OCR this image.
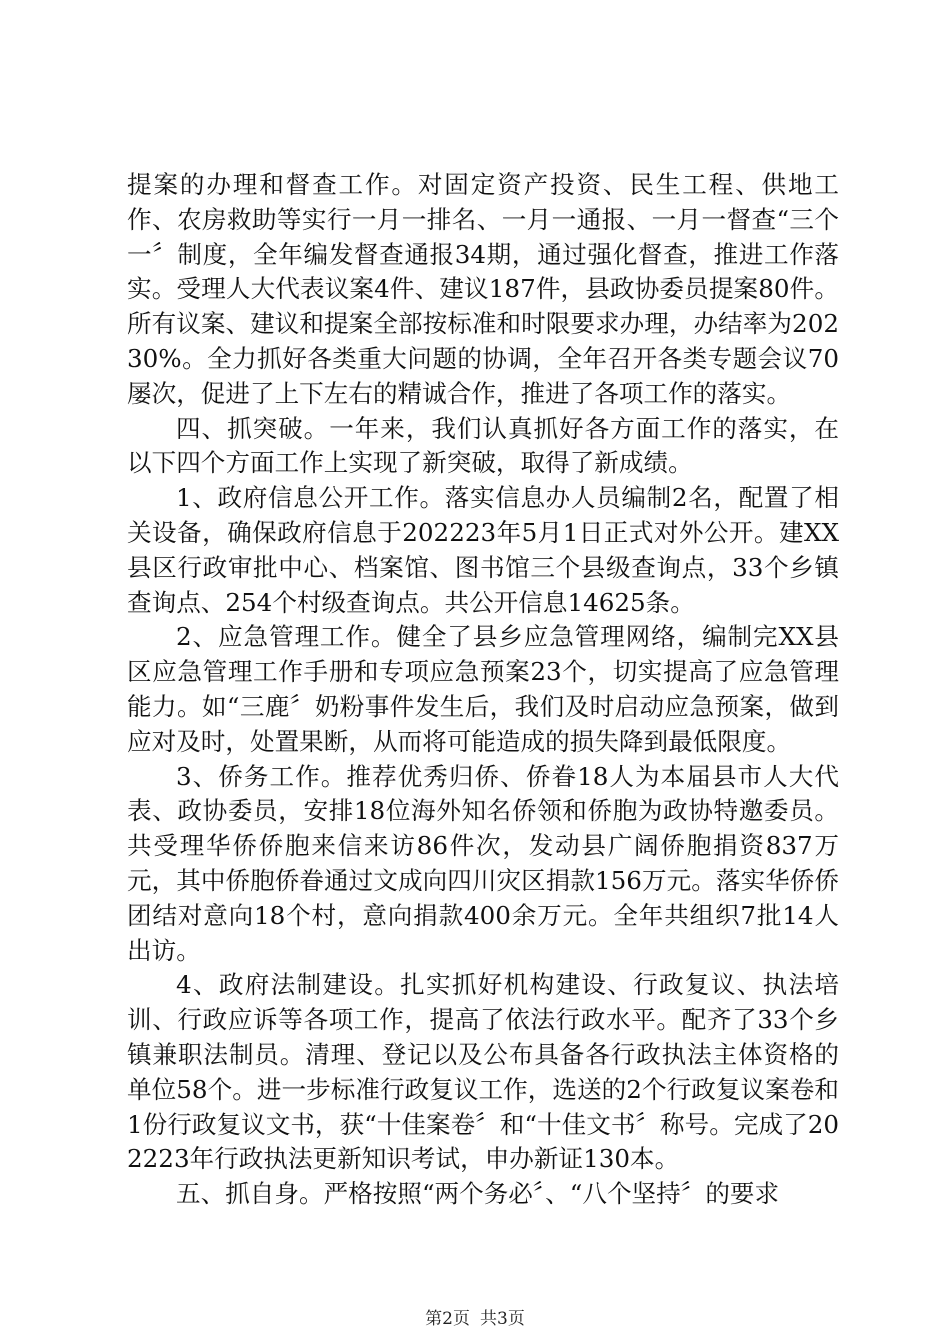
提案的办理和督查工作。对固定资产投资、民生工程、供地工作、农房救助等实行一月一排名、一月一通报、一月一督查“三个一〞制度，全年编发督查通报34期，通过强化督查，推进工作落实。受理人大代表议案4件、建议187件，县政协委员提案80件。所有议案、建议和提案全部按标准和时限要求办理，办结率为20230%。全力抓好各类重大问题的协调，全年召开各类专题会议70屡次，促进了上下左右的精诚合作，推进了各项工作的落实。

四、抓突破。一年来，我们认真抓好各方面工作的落实，在以下四个方面工作上实现了新突破，取得了新成绩。

1、政府信息公开工作。落实信息办人员编制2名，配置了相关设备，确保政府信息于202223年5月1日正式对外公开。建XX县区行政审批中心、档案馆、图书馆三个县级查询点，33个乡镇查询点、254个村级查询点。共公开信息14625条。

2、应急管理工作。健全了县乡应急管理网络，编制完XX县区应急管理工作手册和专项应急预案23个，切实提高了应急管理能力。如“三鹿〞奶粉事件发生后，我们及时启动应急预案，做到应对及时，处置果断，从而将可能造成的损失降到最低限度。

3、侨务工作。推荐优秀归侨、侨眷18人为本届县市人大代表、政协委员，安排18位海外知名侨领和侨胞为政协特邀委员。共受理华侨侨胞来信来访86件次，发动县广阔侨胞捐资837万元，其中侨胞侨眷通过文成向四川灾区捐款156万元。落实华侨侨团结对意向18个村，意向捐款400余万元。全年共组织7批14人出访。

4、政府法制建设。扎实抓好机构建设、行政复议、执法培训、行政应诉等各项工作，提高了依法行政水平。配齐了33个乡镇兼职法制员。清理、登记以及公布具备各行政执法主体资格的单位58个。进一步标准行政复议工作，选送的2个行政复议案卷和1份行政复议文书，获“十佳案卷〞和“十佳文书〞称号。完成了202223年行政执法更新知识考试，申办新证130本。

五、抓自身。严格按照“两个务必〞、“八个坚持〞的要求

第2页 共3页
